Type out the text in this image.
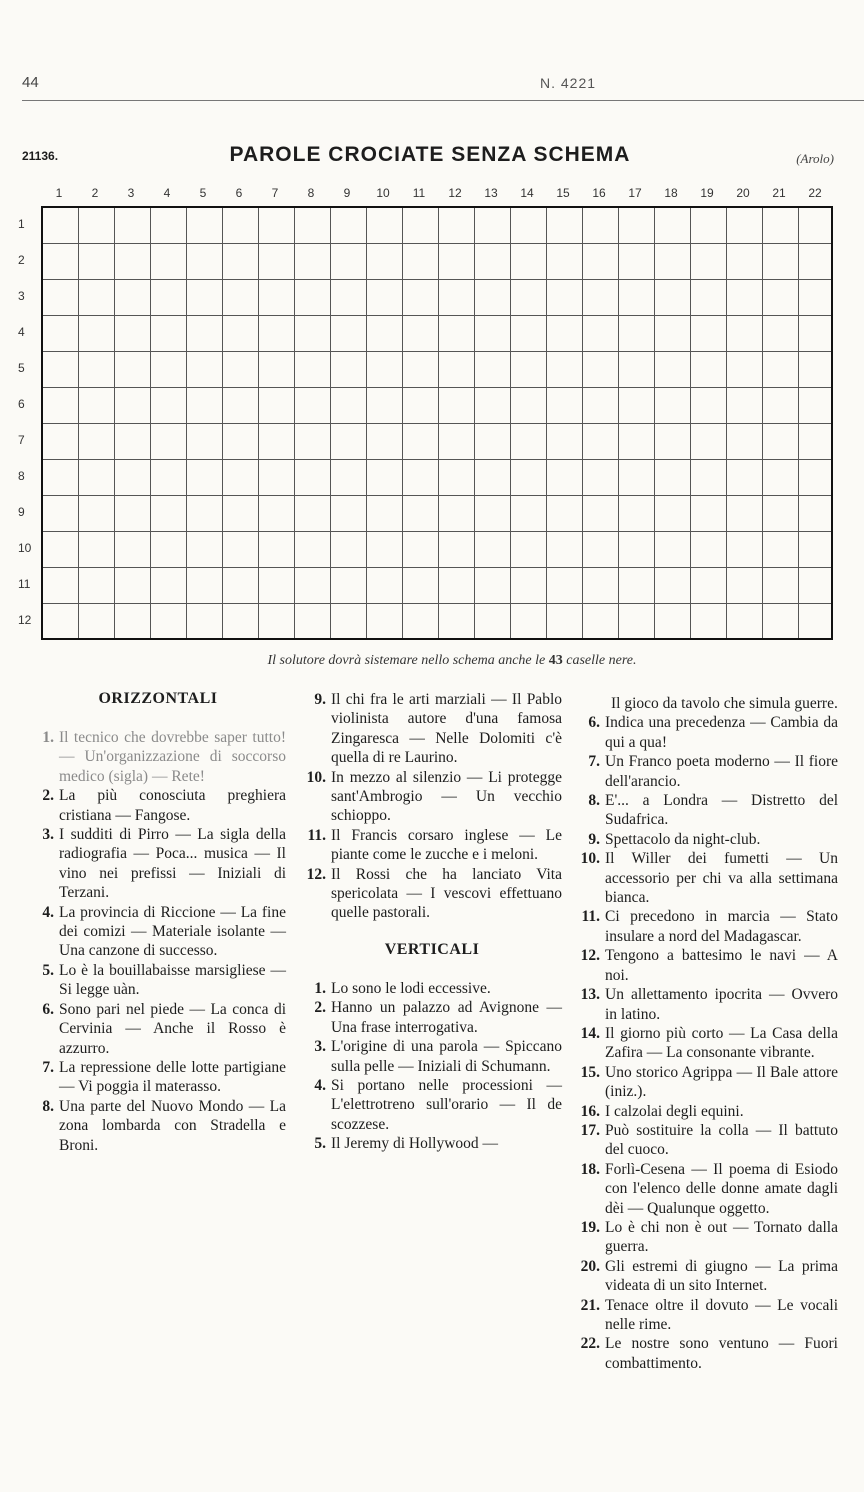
44	N. 4221
21136.	PAROLE CROCIATE SENZA SCHEMA	(Arolo)
1	2	3	4	5	6	7	8	9	10	11	12	13	14	15	16	17	18	19	20	21	22
1
2
3
4
5
6
7
8
9
10
11
12
Il solutore dovrà sistemare nello schema anche le 43 caselle nere.
ORIZZONTALI

1. Il tecnico che dovrebbe saper tutto! — Un'organizzazione di soccorso medico (sigla) — Rete!

2. La più conosciuta preghiera cristiana — Fangose.

3. I sudditi di Pirro — La sigla della radiografia — Poca... musica — Il vino nei prefissi — Iniziali di Terzani.

4. La provincia di Riccione — La fine dei comizi — Materiale isolante — Una canzone di successo.

5. Lo è la bouillabaisse marsigliese — Si legge uàn.

6. Sono pari nel piede — La conca di Cervinia — Anche il Rosso è azzurro.

7. La repressione delle lotte partigiane — Vi poggia il materasso.

8. Una parte del Nuovo Mondo — La zona lombarda con Stradella e Broni.

9. Il chi fra le arti marziali — Il Pablo violinista autore d'una famosa Zingaresca — Nelle Dolomiti c'è quella di re Laurino.

10. In mezzo al silenzio — Li protegge sant'Ambrogio — Un vecchio schioppo.

11. Il Francis corsaro inglese — Le piante come le zucche e i meloni.

12. Il Rossi che ha lanciato Vita spericolata — I vescovi effettuano quelle pastorali.

VERTICALI

1. Lo sono le lodi eccessive.

2. Hanno un palazzo ad Avignone — Una frase interrogativa.

3. L'origine di una parola — Spiccano sulla pelle — Iniziali di Schumann.

4. Si portano nelle processioni — L'elettrotreno sull'orario — Il de scozzese.

5. Il Jeremy di Hollywood —

Il gioco da tavolo che simula guerre.

6. Indica una precedenza — Cambia da qui a qua!

7. Un Franco poeta moderno — Il fiore dell'arancio.

8. E'... a Londra — Distretto del Sudafrica.

9. Spettacolo da night-club.

10. Il Willer dei fumetti — Un accessorio per chi va alla settimana bianca.

11. Ci precedono in marcia — Stato insulare a nord del Madagascar.

12. Tengono a battesimo le navi — A noi.

13. Un allettamento ipocrita — Ovvero in latino.

14. Il giorno più corto — La Casa della Zafira — La consonante vibrante.

15. Uno storico Agrippa — Il Bale attore (iniz.).

16. I calzolai degli equini.

17. Può sostituire la colla — Il battuto del cuoco.

18. Forlì-Cesena — Il poema di Esiodo con l'elenco delle donne amate dagli dèi — Qualunque oggetto.

19. Lo è chi non è out — Tornato dalla guerra.

20. Gli estremi di giugno — La prima videata di un sito Internet.

21. Tenace oltre il dovuto — Le vocali nelle rime.

22. Le nostre sono ventuno — Fuori combattimento.
